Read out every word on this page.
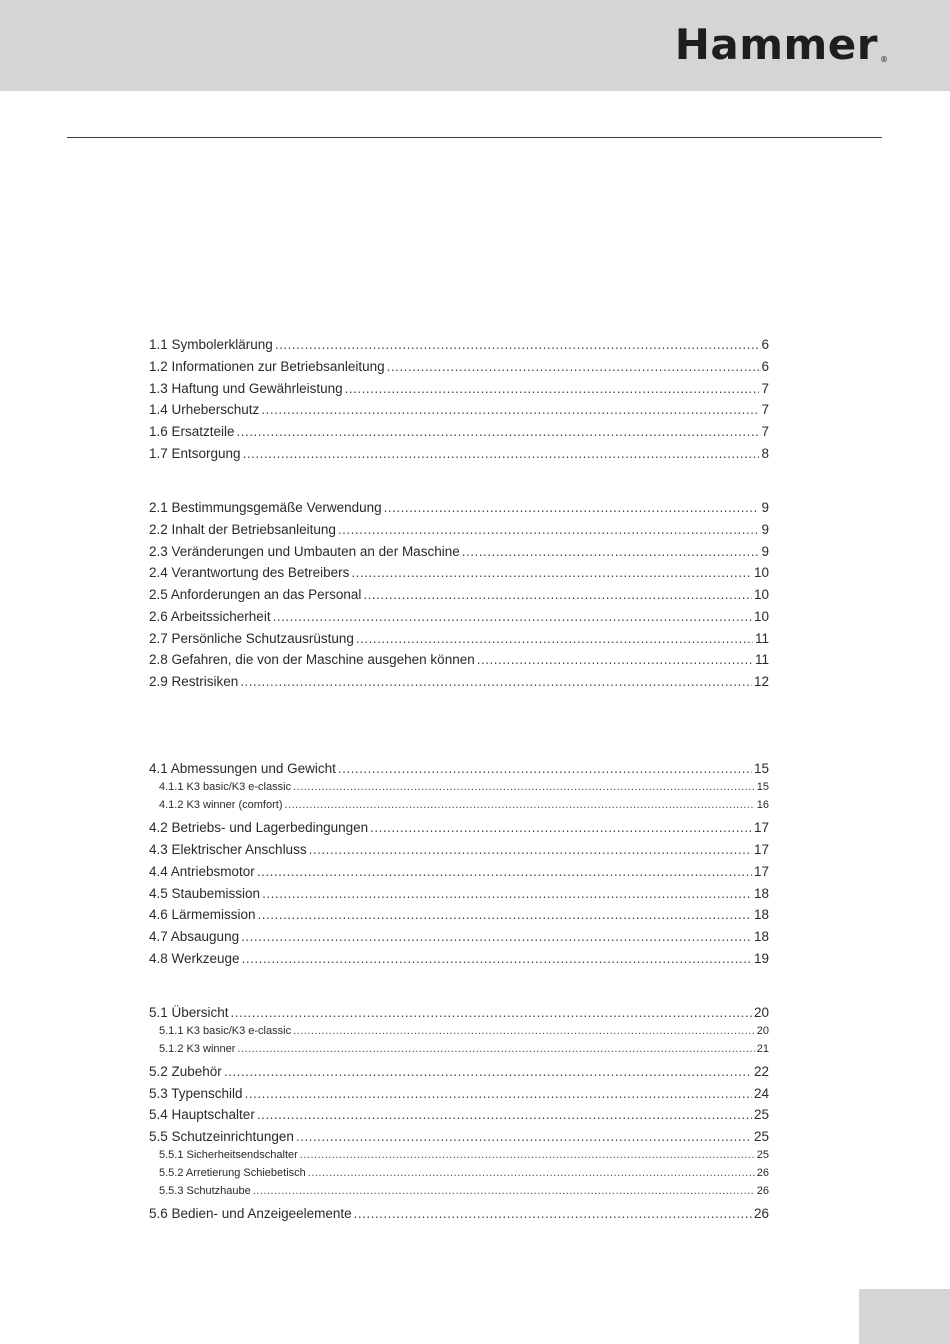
Hammer ®
1.1 Symbolerklärung .....	6
1.2 Informationen zur Betriebsanleitung .....	6
1.3 Haftung und Gewährleistung .....	7
1.4 Urheberschutz .....	7
1.6 Ersatzteile .....	7
1.7 Entsorgung .....	8
2.1 Bestimmungsgemäße Verwendung .....	9
2.2 Inhalt der Betriebsanleitung .....	9
2.3 Veränderungen und Umbauten an der Maschine .....	9
2.4 Verantwortung des Betreibers .....	10
2.5 Anforderungen an das Personal .....	10
2.6 Arbeitssicherheit .....	10
2.7 Persönliche Schutzausrüstung .....	11
2.8 Gefahren, die von der Maschine ausgehen können .....	11
2.9 Restrisiken .....	12
4.1 Abmessungen und Gewicht .....	15
4.1.1 K3 basic/K3 e-classic .....	15
4.1.2 K3 winner (comfort) .....	16
4.2 Betriebs- und Lagerbedingungen .....	17
4.3 Elektrischer Anschluss .....	17
4.4 Antriebsmotor .....	17
4.5 Staubemission .....	18
4.6 Lärmemission .....	18
4.7 Absaugung .....	18
4.8 Werkzeuge .....	19
5.1 Übersicht .....	20
5.1.1 K3 basic/K3 e-classic .....	20
5.1.2 K3 winner .....	21
5.2 Zubehör .....	22
5.3 Typenschild .....	24
5.4 Hauptschalter .....	25
5.5 Schutzeinrichtungen .....	25
5.5.1 Sicherheitsendschalter .....	25
5.5.2 Arretierung Schiebetisch .....	26
5.5.3 Schutzhaube .....	26
5.6 Bedien- und Anzeigeelemente .....	26
